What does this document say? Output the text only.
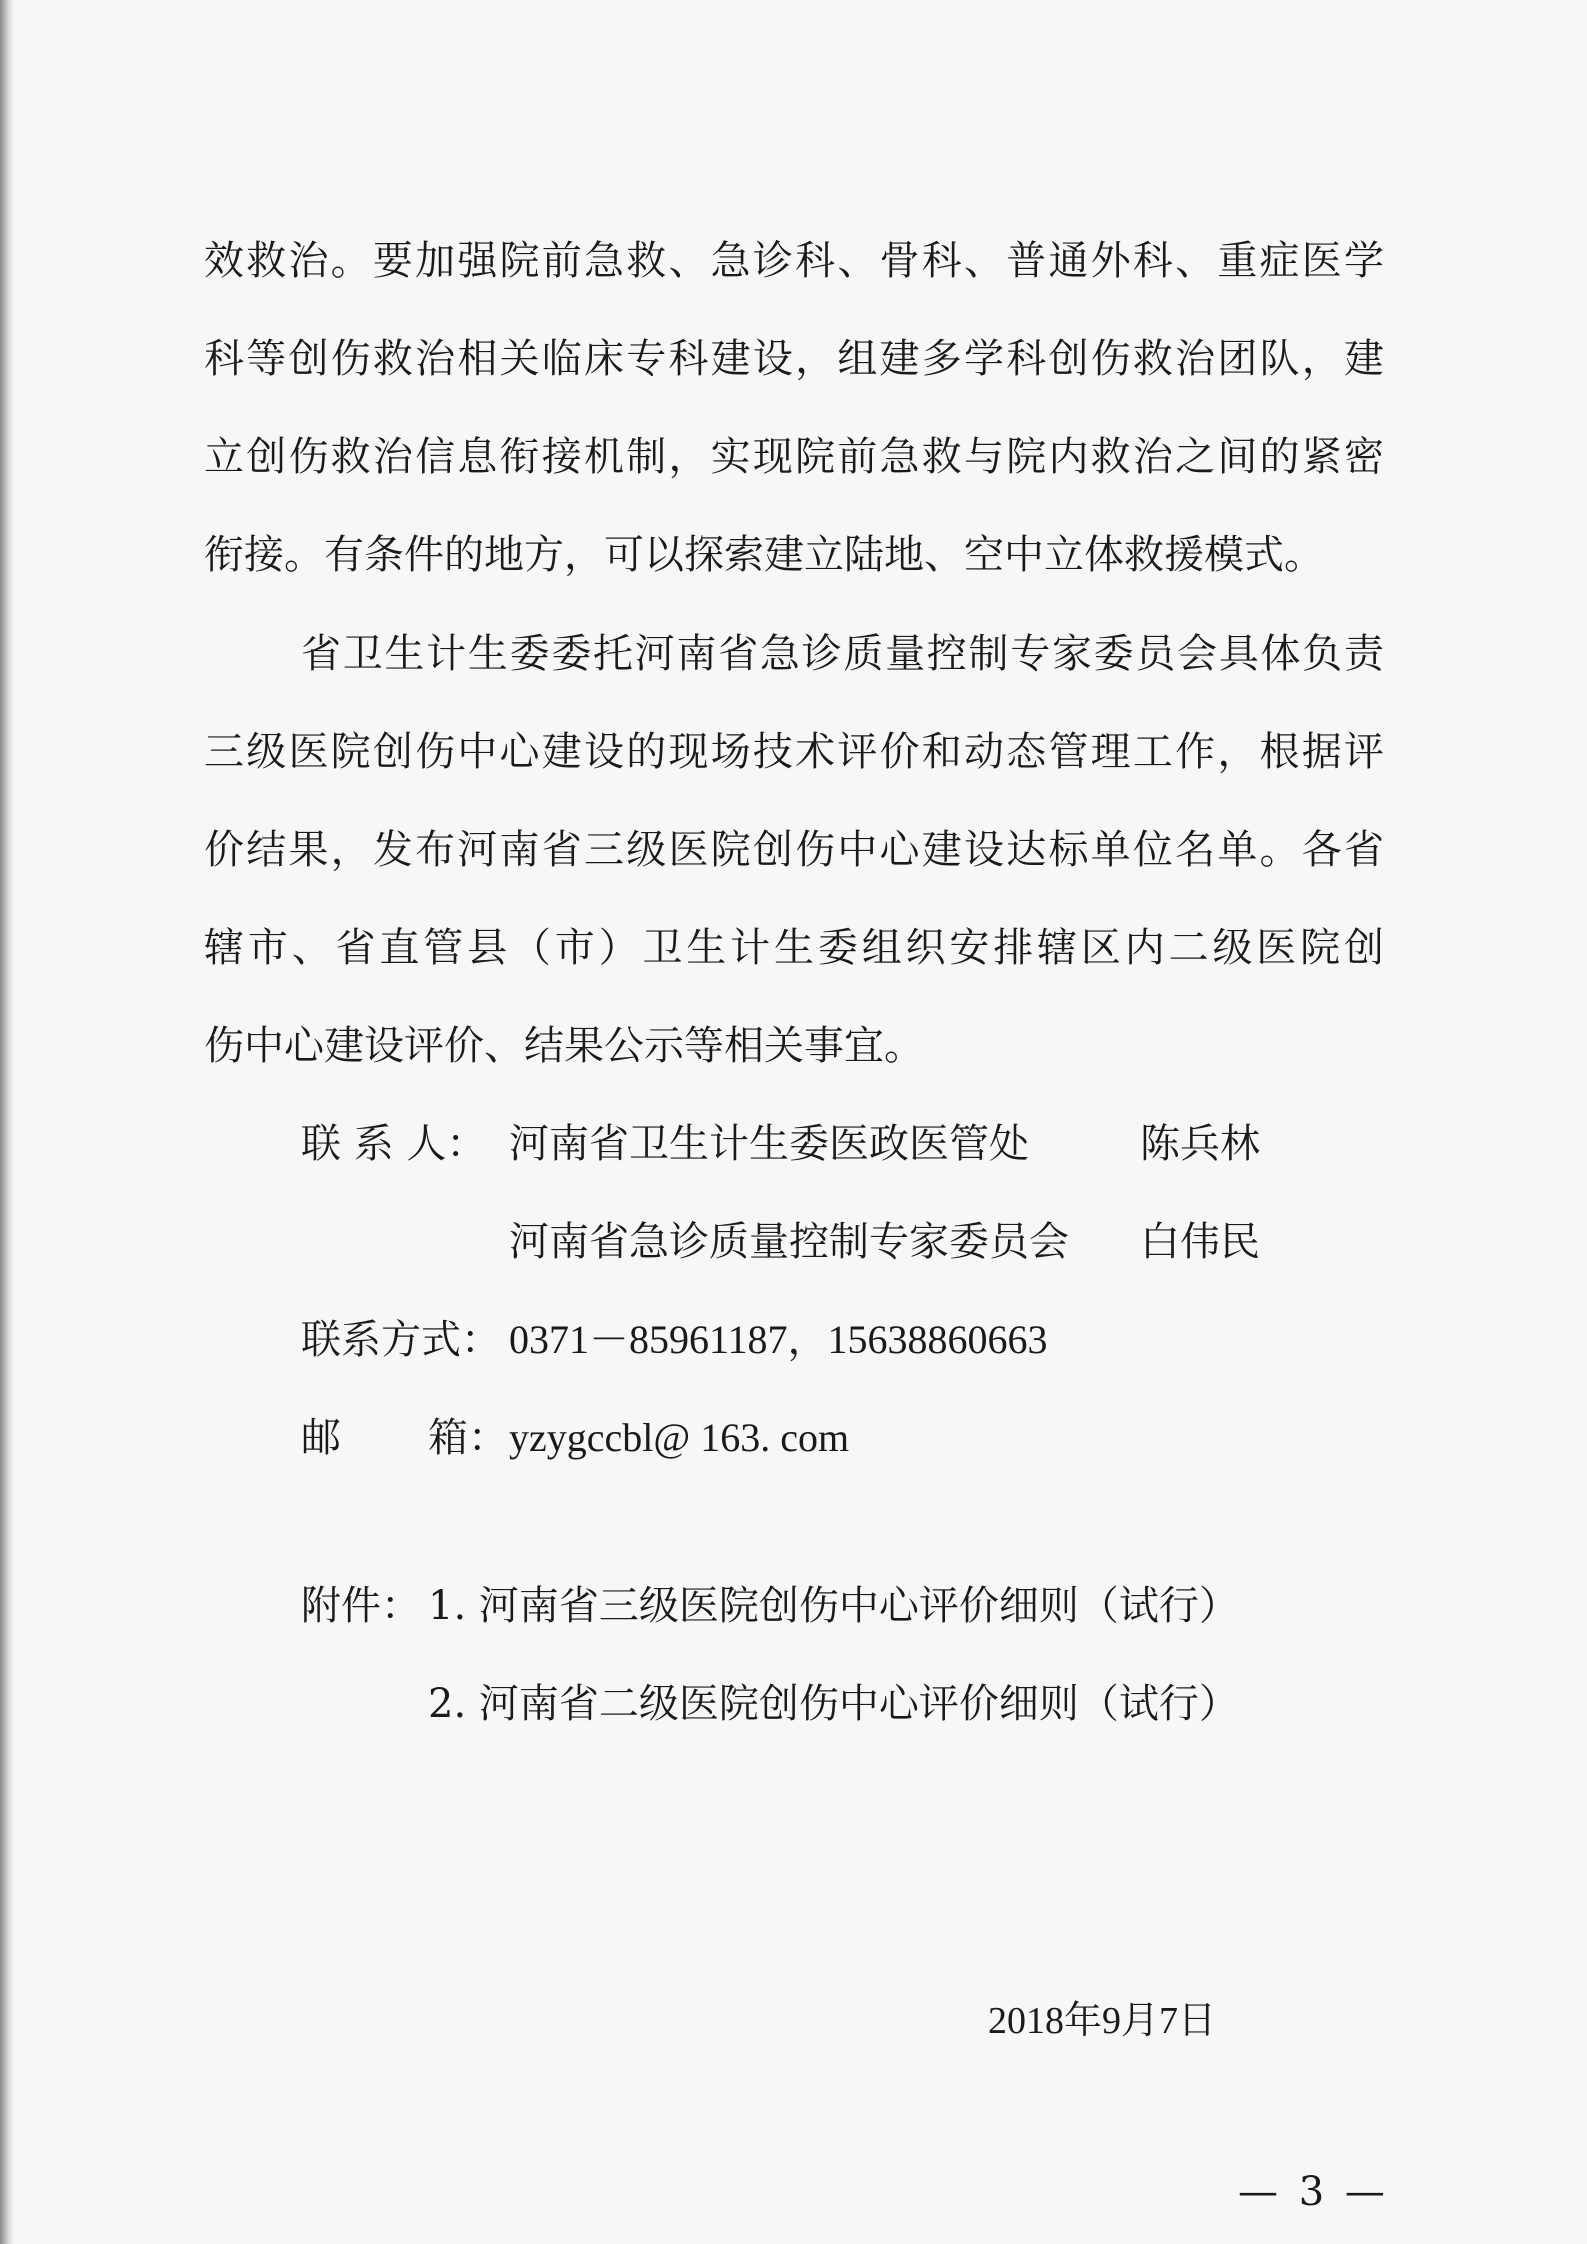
效救治。要加强院前急救、急诊科、骨科、普通外科、重症医学
科等创伤救治相关临床专科建设，组建多学科创伤救治团队，建
立创伤救治信息衔接机制，实现院前急救与院内救治之间的紧密
衔接。有条件的地方，可以探索建立陆地、空中立体救援模式。
省卫生计生委委托河南省急诊质量控制专家委员会具体负责
三级医院创伤中心建设的现场技术评价和动态管理工作，根据评
价结果，发布河南省三级医院创伤中心建设达标单位名单。各省
辖市、省直管县（市）卫生计生委组织安排辖区内二级医院创
伤中心建设评价、结果公示等相关事宜。
联 系 人： 河南省卫生计生委医政医管处	陈兵林
河南省急诊质量控制专家委员会 白伟民
联系方式： 0371－85961187，15638860663
邮 箱： yzygccbl@ 163. com
附件： 1. 河南省三级医院创伤中心评价细则（试行）
2. 河南省二级医院创伤中心评价细则（试行）
2018年9月7日
— 3 —
